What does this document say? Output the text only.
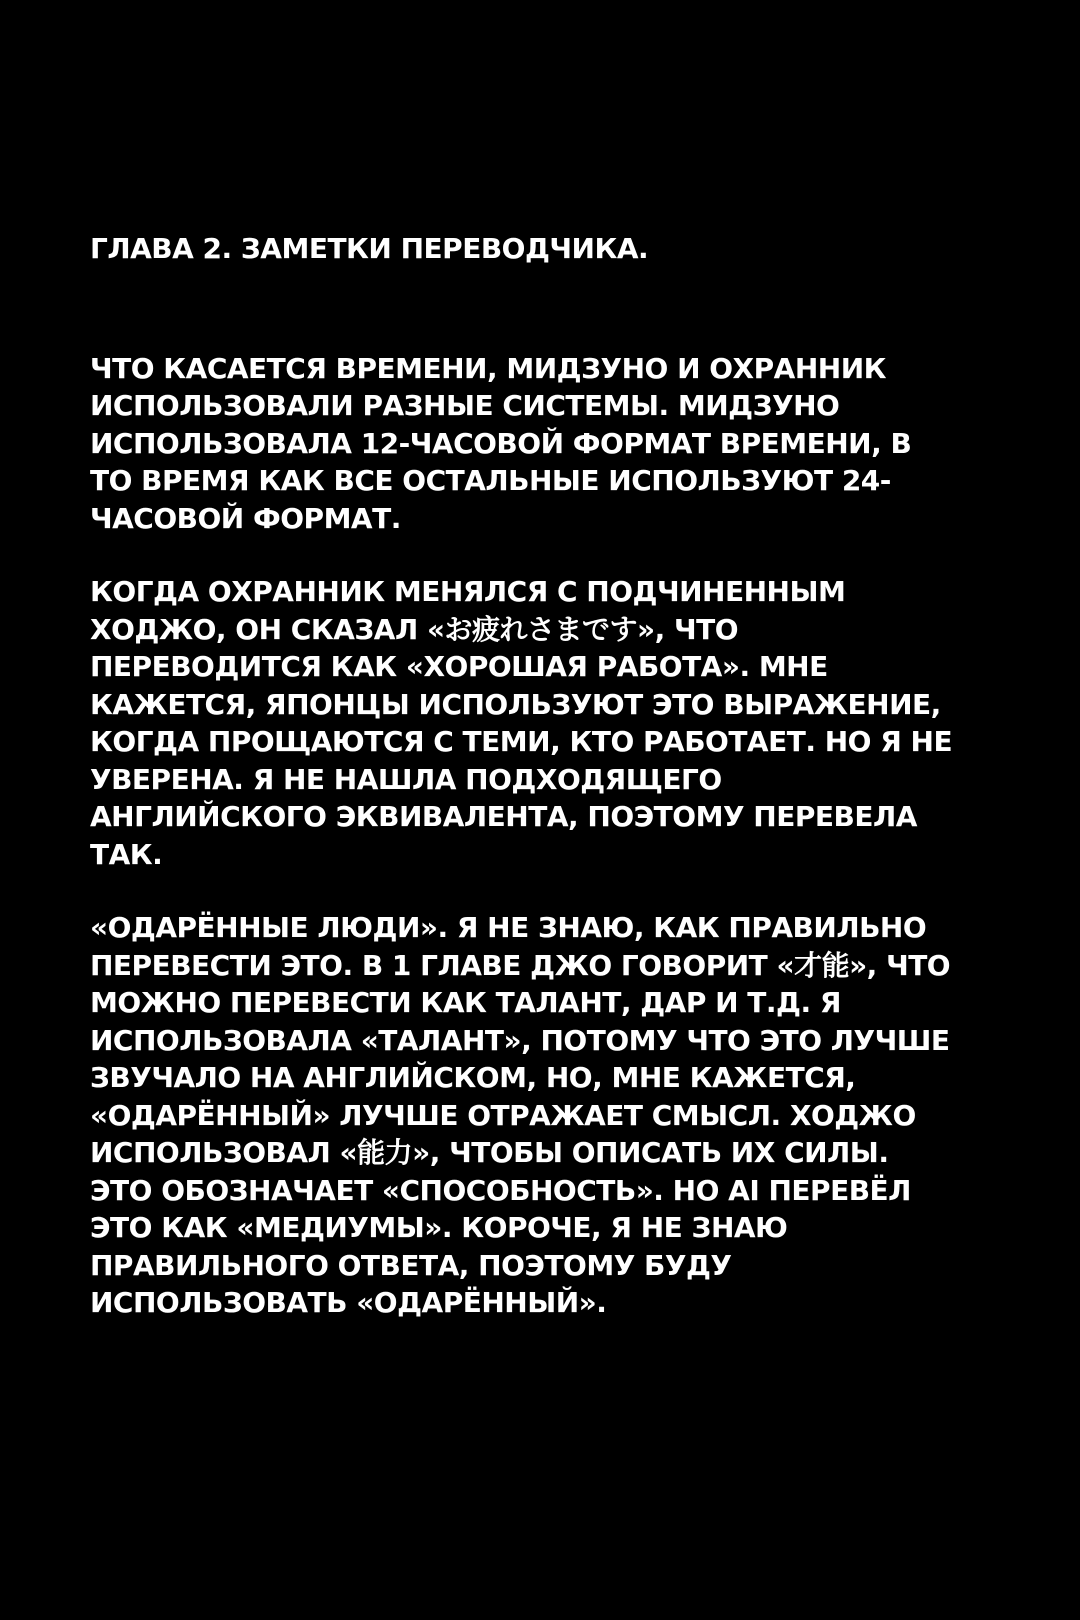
ГЛАВА 2. ЗАМЕТКИ ПЕРЕВОДЧИКА.
ЧТО КАСАЕТСЯ ВРЕМЕНИ, МИДЗУНО И ОХРАННИК
ИСПОЛЬЗОВАЛИ РАЗНЫЕ СИСТЕМЫ. МИДЗУНО
ИСПОЛЬЗОВАЛА 12-ЧАСОВОЙ ФОРМАТ ВРЕМЕНИ, В
ТО ВРЕМЯ КАК ВСЕ ОСТАЛЬНЫЕ ИСПОЛЬЗУЮТ 24-
ЧАСОВОЙ ФОРМАТ.
КОГДА ОХРАННИК МЕНЯЛСЯ С ПОДЧИНЕННЫМ
ХОДЖО, ОН СКАЗАЛ «お疲れさまです», ЧТО
ПЕРЕВОДИТСЯ КАК «ХОРОШАЯ РАБОТА». МНЕ
КАЖЕТСЯ, ЯПОНЦЫ ИСПОЛЬЗУЮТ ЭТО ВЫРАЖЕНИЕ,
КОГДА ПРОЩАЮТСЯ С ТЕМИ, КТО РАБОТАЕТ. НО Я НЕ
УВЕРЕНА. Я НЕ НАШЛА ПОДХОДЯЩЕГО
АНГЛИЙСКОГО ЭКВИВАЛЕНТА, ПОЭТОМУ ПЕРЕВЕЛА
ТАК.
«ОДАРЁННЫЕ ЛЮДИ». Я НЕ ЗНАЮ, КАК ПРАВИЛЬНО
ПЕРЕВЕСТИ ЭТО. В 1 ГЛАВЕ ДЖО ГОВОРИТ «才能», ЧТО
МОЖНО ПЕРЕВЕСТИ КАК ТАЛАНТ, ДАР И Т.Д. Я
ИСПОЛЬЗОВАЛА «ТАЛАНТ», ПОТОМУ ЧТО ЭТО ЛУЧШЕ
ЗВУЧАЛО НА АНГЛИЙСКОМ, НО, МНЕ КАЖЕТСЯ,
«ОДАРЁННЫЙ» ЛУЧШЕ ОТРАЖАЕТ СМЫСЛ. ХОДЖО
ИСПОЛЬЗОВАЛ «能力», ЧТОБЫ ОПИСАТЬ ИХ СИЛЫ.
ЭТО ОБОЗНАЧАЕТ «СПОСОБНОСТЬ». НО AI ПЕРЕВЁЛ
ЭТО КАК «МЕДИУМЫ». КОРОЧЕ, Я НЕ ЗНАЮ
ПРАВИЛЬНОГО ОТВЕТА, ПОЭТОМУ БУДУ
ИСПОЛЬЗОВАТЬ «ОДАРЁННЫЙ».
